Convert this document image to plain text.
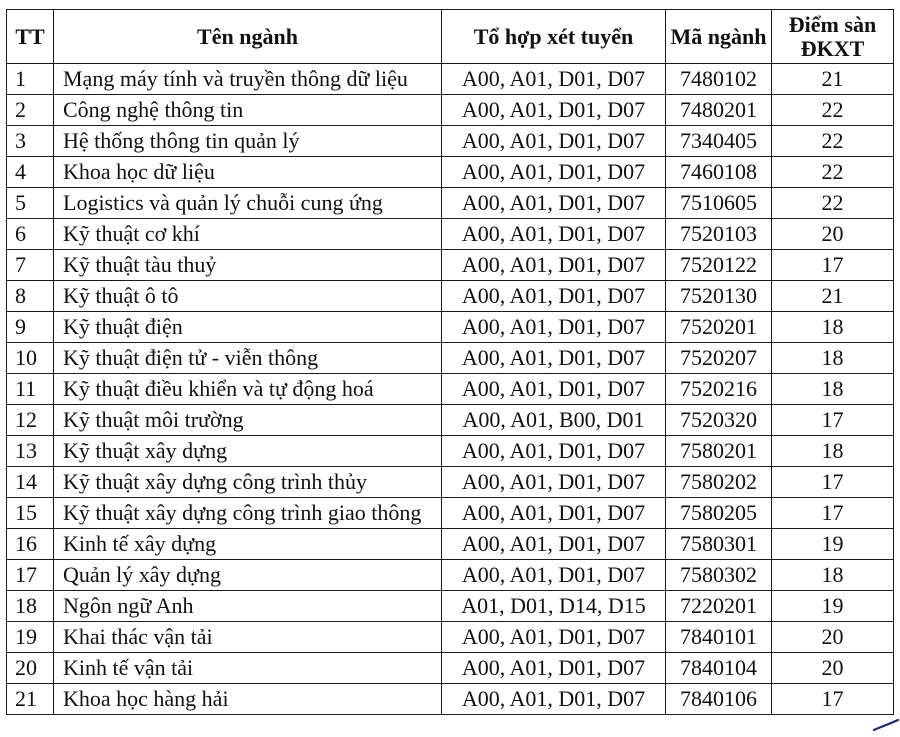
TT	Tên ngành	Tổ hợp xét tuyển	Mã ngành	Điểm sàn
ĐKXT
1	Mạng máy tính và truyền thông dữ liệu	A00, A01, D01, D07	7480102	21
2	Công nghệ thông tin	A00, A01, D01, D07	7480201	22
3	Hệ thống thông tin quản lý	A00, A01, D01, D07	7340405	22
4	Khoa học dữ liệu	A00, A01, D01, D07	7460108	22
5	Logistics và quản lý chuỗi cung ứng	A00, A01, D01, D07	7510605	22
6	Kỹ thuật cơ khí	A00, A01, D01, D07	7520103	20
7	Kỹ thuật tàu thuỷ	A00, A01, D01, D07	7520122	17
8	Kỹ thuật ô tô	A00, A01, D01, D07	7520130	21
9	Kỹ thuật điện	A00, A01, D01, D07	7520201	18
10	Kỹ thuật điện tử - viễn thông	A00, A01, D01, D07	7520207	18
11	Kỹ thuật điều khiển và tự động hoá	A00, A01, D01, D07	7520216	18
12	Kỹ thuật môi trường	A00, A01, B00, D01	7520320	17
13	Kỹ thuật xây dựng	A00, A01, D01, D07	7580201	18
14	Kỹ thuật xây dựng công trình thủy	A00, A01, D01, D07	7580202	17
15	Kỹ thuật xây dựng công trình giao thông	A00, A01, D01, D07	7580205	17
16	Kinh tế xây dựng	A00, A01, D01, D07	7580301	19
17	Quản lý xây dựng	A00, A01, D01, D07	7580302	18
18	Ngôn ngữ Anh	A01, D01, D14, D15	7220201	19
19	Khai thác vận tải	A00, A01, D01, D07	7840101	20
20	Kinh tế vận tải	A00, A01, D01, D07	7840104	20
21	Khoa học hàng hải	A00, A01, D01, D07	7840106	17
